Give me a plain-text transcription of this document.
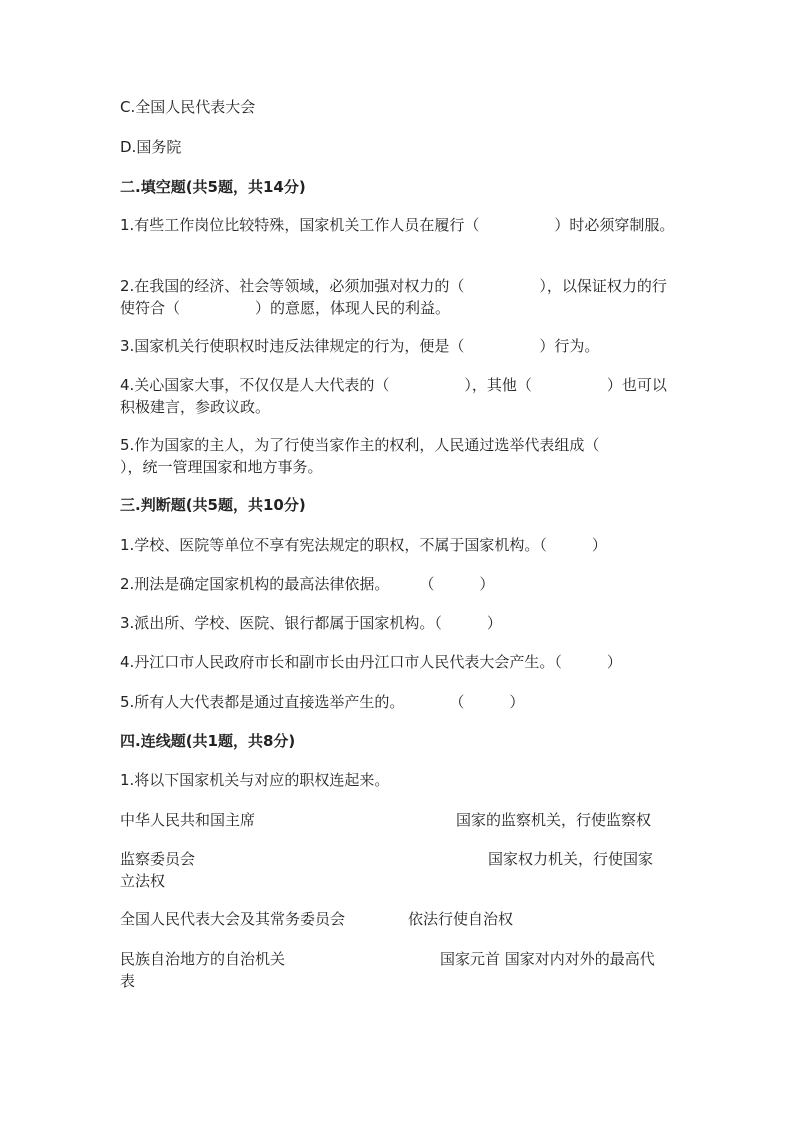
C.全国人民代表大会
D.国务院
二.填空题(共5题，共14分)
1.有些工作岗位比较特殊，国家机关工作人员在履行（　　　　　）时必须穿制服。
2.在我国的经济、社会等领域，必须加强对权力的（　　　　　），以保证权力的行使符合（　　　　　）的意愿，体现人民的利益。
3.国家机关行使职权时违反法律规定的行为，便是（　　　　　）行为。
4.关心国家大事，不仅仅是人大代表的（　　　　　），其他（　　　　　）也可以积极建言，参政议政。
5.作为国家的主人，为了行使当家作主的权利，人民通过选举代表组成（　　　　　），统一管理国家和地方事务。
三.判断题(共5题，共10分)
1.学校、医院等单位不享有宪法规定的职权，不属于国家机构。（　　　）
2.刑法是确定国家机构的最高法律依据。　　　（　　　）
3.派出所、学校、医院、银行都属于国家机构。（　　　）
4.丹江口市人民政府市长和副市长由丹江口市人民代表大会产生。（　　　）
5.所有人大代表都是通过直接选举产生的。　　　　（　　　）
四.连线题(共1题，共8分)
1.将以下国家机关与对应的职权连起来。
中华人民共和国主席	国家的监察机关，行使监察权
监察委员会	国家权力机关，行使国家
立法权
全国人民代表大会及其常务委员会	依法行使自治权
民族自治地方的自治机关	国家元首 国家对内对外的最高代
表
